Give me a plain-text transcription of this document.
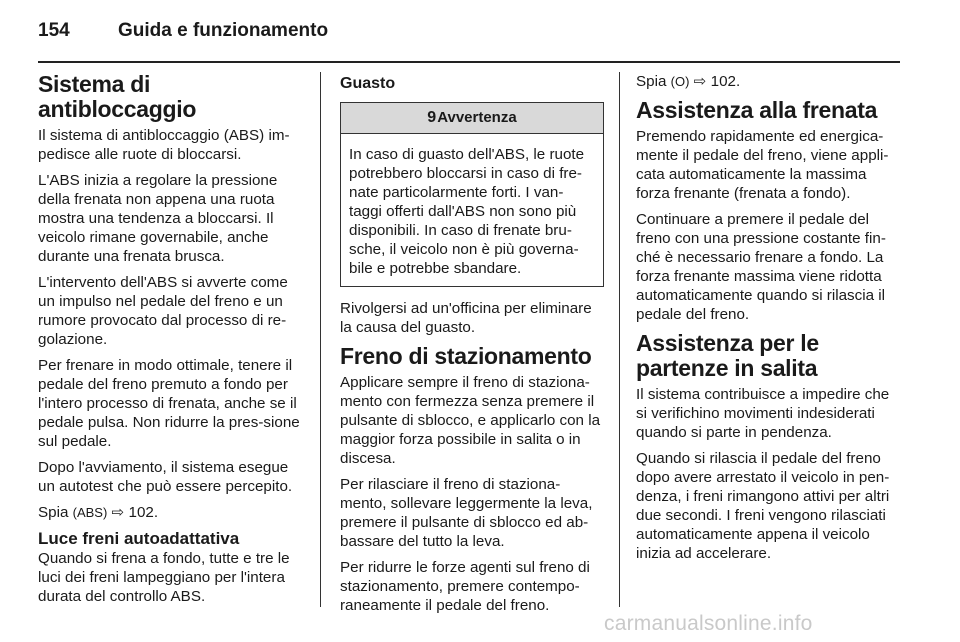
154	Guida e funzionamento
Sistema di antibloccaggio

Il sistema di antibloccaggio (ABS) im-pedisce alle ruote di bloccarsi.

L'ABS inizia a regolare la pressione della frenata non appena una ruota mostra una tendenza a bloccarsi. Il veicolo rimane governabile, anche durante una frenata brusca.

L'intervento dell'ABS si avverte come un impulso nel pedale del freno e un rumore provocato dal processo di re-golazione.

Per frenare in modo ottimale, tenere il pedale del freno premuto a fondo per l'intero processo di frenata, anche se il pedale pulsa. Non ridurre la pres-sione sul pedale.

Dopo l'avviamento, il sistema esegue un autotest che può essere percepito.

Spia (ABS) ⇨ 102.

Luce freni autoadattativa

Quando si frena a fondo, tutte e tre le luci dei freni lampeggiano per l'intera durata del controllo ABS.

Guasto
9Avvertenza
In caso di guasto dell'ABS, le ruote potrebbero bloccarsi in caso di fre-nate particolarmente forti. I van-taggi offerti dall'ABS non sono più disponibili. In caso di frenate bru-sche, il veicolo non è più governa-bile e potrebbe sbandare.

Rivolgersi ad un'officina per eliminare la causa del guasto.

Freno di stazionamento

Applicare sempre il freno di staziona-mento con fermezza senza premere il pulsante di sblocco, e applicarlo con la maggior forza possibile in salita o in discesa.

Per rilasciare il freno di staziona-mento, sollevare leggermente la leva, premere il pulsante di sblocco ed ab-bassare del tutto la leva.

Per ridurre le forze agenti sul freno di stazionamento, premere contempo-raneamente il pedale del freno.

Spia (O) ⇨ 102.

Assistenza alla frenata

Premendo rapidamente ed energica-mente il pedale del freno, viene appli-cata automaticamente la massima forza frenante (frenata a fondo).

Continuare a premere il pedale del freno con una pressione costante fin-ché è necessario frenare a fondo. La forza frenante massima viene ridotta automaticamente quando si rilascia il pedale del freno.

Assistenza per le partenze in salita

Il sistema contribuisce a impedire che si verifichino movimenti indesiderati quando si parte in pendenza.

Quando si rilascia il pedale del freno dopo avere arrestato il veicolo in pen-denza, i freni rimangono attivi per altri due secondi. I freni vengono rilasciati automaticamente appena il veicolo inizia ad accelerare.

carmanualsonline.info
